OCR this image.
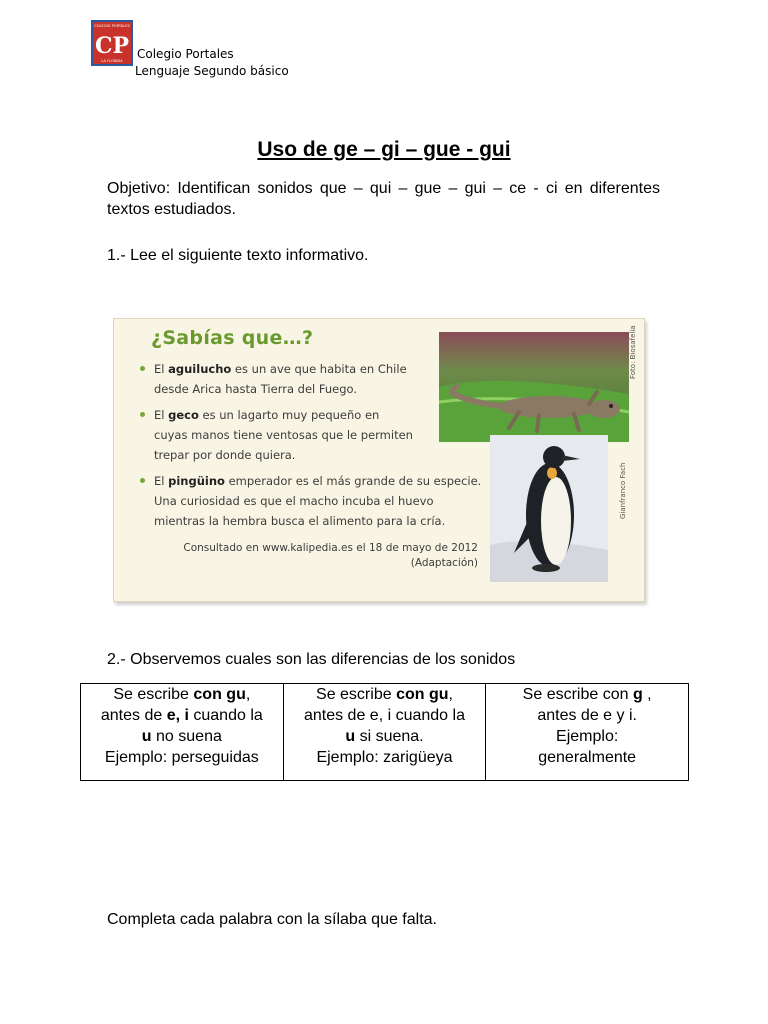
COLEGIO PORTALES
CP
LA FLORIDA Colegio Portales
Lenguaje Segundo básico
Uso de ge – gi – gue - gui
Objetivo: Identifican sonidos que – qui – gue – gui – ce - ci en diferentes textos estudiados.
1.- Lee el siguiente texto informativo.
¿Sabías que…?
El aguilucho es un ave que habita en Chile desde Arica hasta Tierra del Fuego.
El geco es un lagarto muy pequeño en cuyas manos tiene ventosas que le permiten trepar por donde quiera.
El pingüino emperador es el más grande de su especie. Una curiosidad es que el macho incuba el huevo mientras la hembra busca el alimento para la cría.
Consultado en www.kalipedia.es el 18 de mayo de 2012
(Adaptación)
Foto: Biosafelia
Gianfranco Fach
2.- Observemos cuales son las diferencias de los sonidos
Se escribe con gu,
antes de e, i cuando la
u no suena
Ejemplo: perseguidas

Se escribe con gu,
antes de e, i cuando la
u si suena.
Ejemplo: zarigüeya

Se escribe con g ,
antes de e y i.
Ejemplo:
generalmente
Completa cada palabra con la sílaba que falta.
